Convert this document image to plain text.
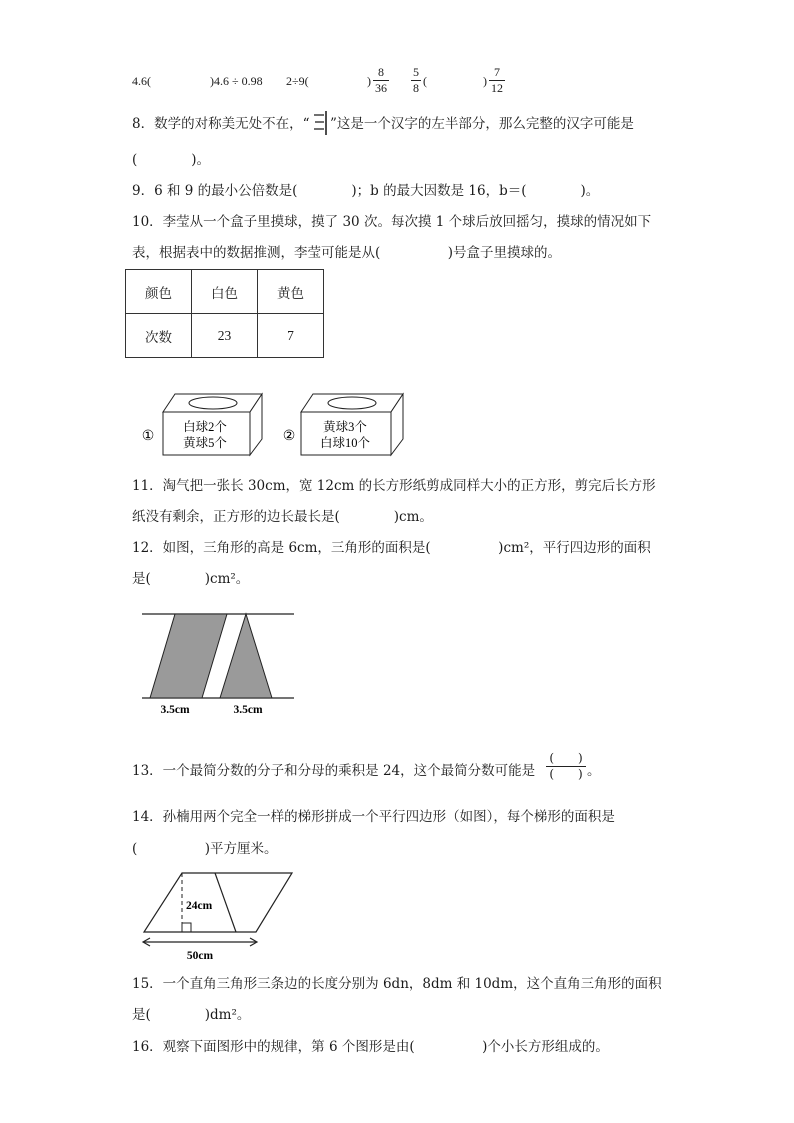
4.6(	)4.6 ÷ 0.98 2÷9(	)
8
36
5
8 (	)
7
12
8．数学的对称美无处不在，“ ”这是一个汉字的左半部分，那么完整的汉字可能是
(　　　　)。
9．6 和 9 的最小公倍数是(　　　　)；b 的最大因数是 16，b＝(　　　　)。
10．李莹从一个盒子里摸球，摸了 30 次。每次摸 1 个球后放回摇匀，摸球的情况如下
表，根据表中的数据推测，李莹可能是从(　　　　　)号盒子里摸球的。
颜色	白色	黄色
次数	23	7
①
白球2个
黄球5个	②
黄球3个
白球10个
11．淘气把一张长 30cm，宽 12cm 的长方形纸剪成同样大小的正方形，剪完后长方形
纸没有剩余，正方形的边长最长是(　　　　)cm。
12．如图，三角形的高是 6cm，三角形的面积是(　　　　　)cm²，平行四边形的面积
是(　　　　)cm²。
3.5cm	3.5cm
13．一个最简分数的分子和分母的乘积是 24，这个最简分数可能是
(　　)
(　　) 。
14．孙楠用两个完全一样的梯形拼成一个平行四边形（如图），每个梯形的面积是
(　　　　　)平方厘米。
24cm
50cm
15．一个直角三角形三条边的长度分别为 6dn，8dm 和 10dm，这个直角三角形的面积
是(　　　　)dm²。
16．观察下面图形中的规律，第 6 个图形是由(　　　　　)个小长方形组成的。
